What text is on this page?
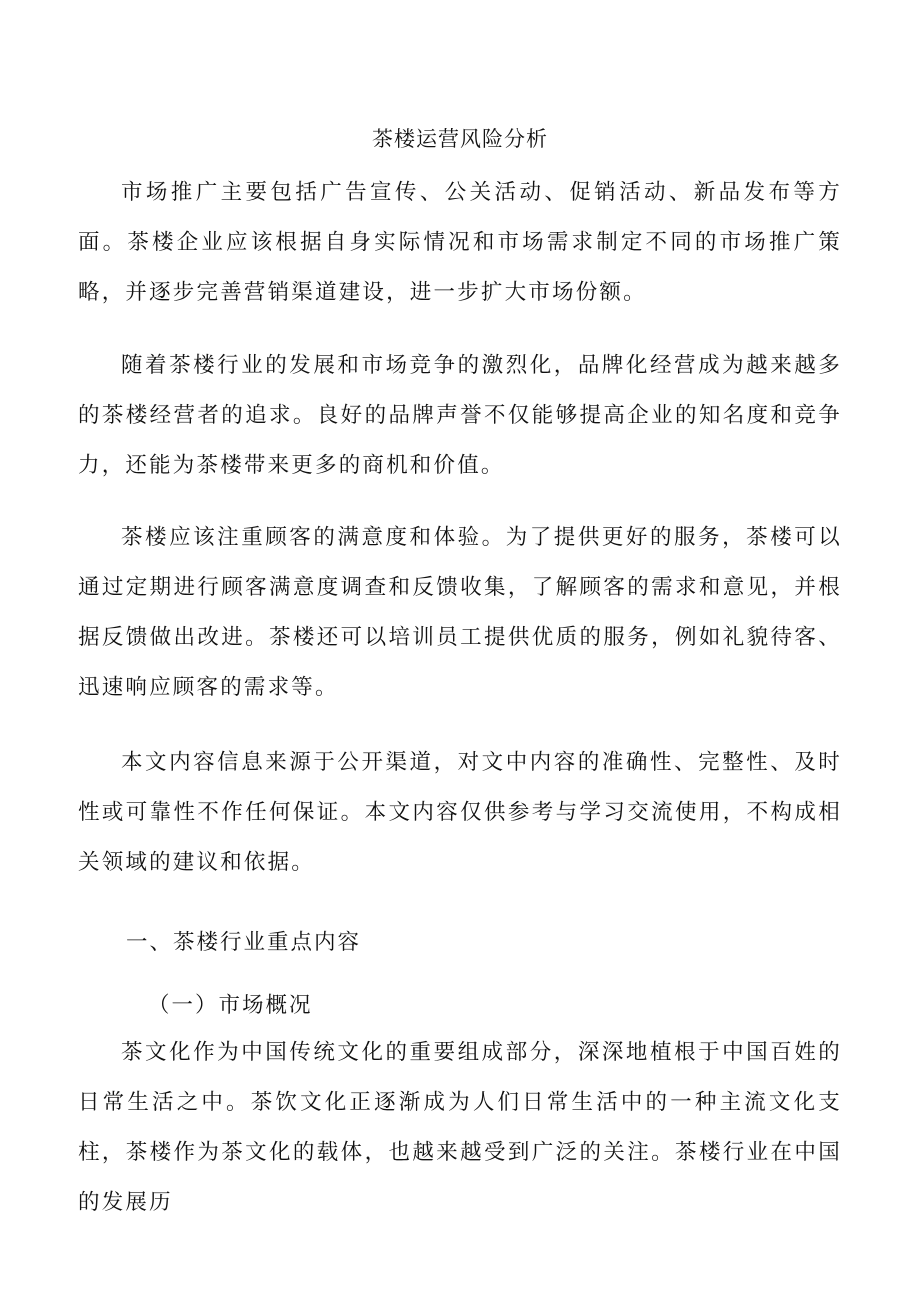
茶楼运营风险分析

市场推广主要包括广告宣传、公关活动、促销活动、新品发布等方面。茶楼企业应该根据自身实际情况和市场需求制定不同的市场推广策略，并逐步完善营销渠道建设，进一步扩大市场份额。

随着茶楼行业的发展和市场竞争的激烈化，品牌化经营成为越来越多的茶楼经营者的追求。良好的品牌声誉不仅能够提高企业的知名度和竞争力，还能为茶楼带来更多的商机和价值。

茶楼应该注重顾客的满意度和体验。为了提供更好的服务，茶楼可以通过定期进行顾客满意度调查和反馈收集，了解顾客的需求和意见，并根据反馈做出改进。茶楼还可以培训员工提供优质的服务，例如礼貌待客、迅速响应顾客的需求等。

本文内容信息来源于公开渠道，对文中内容的准确性、完整性、及时性或可靠性不作任何保证。本文内容仅供参考与学习交流使用，不构成相关领域的建议和依据。

一、茶楼行业重点内容
（一）市场概况

茶文化作为中国传统文化的重要组成部分，深深地植根于中国百姓的日常生活之中。茶饮文化正逐渐成为人们日常生活中的一种主流文化支柱，茶楼作为茶文化的载体，也越来越受到广泛的关注。茶楼行业在中国的发展历
